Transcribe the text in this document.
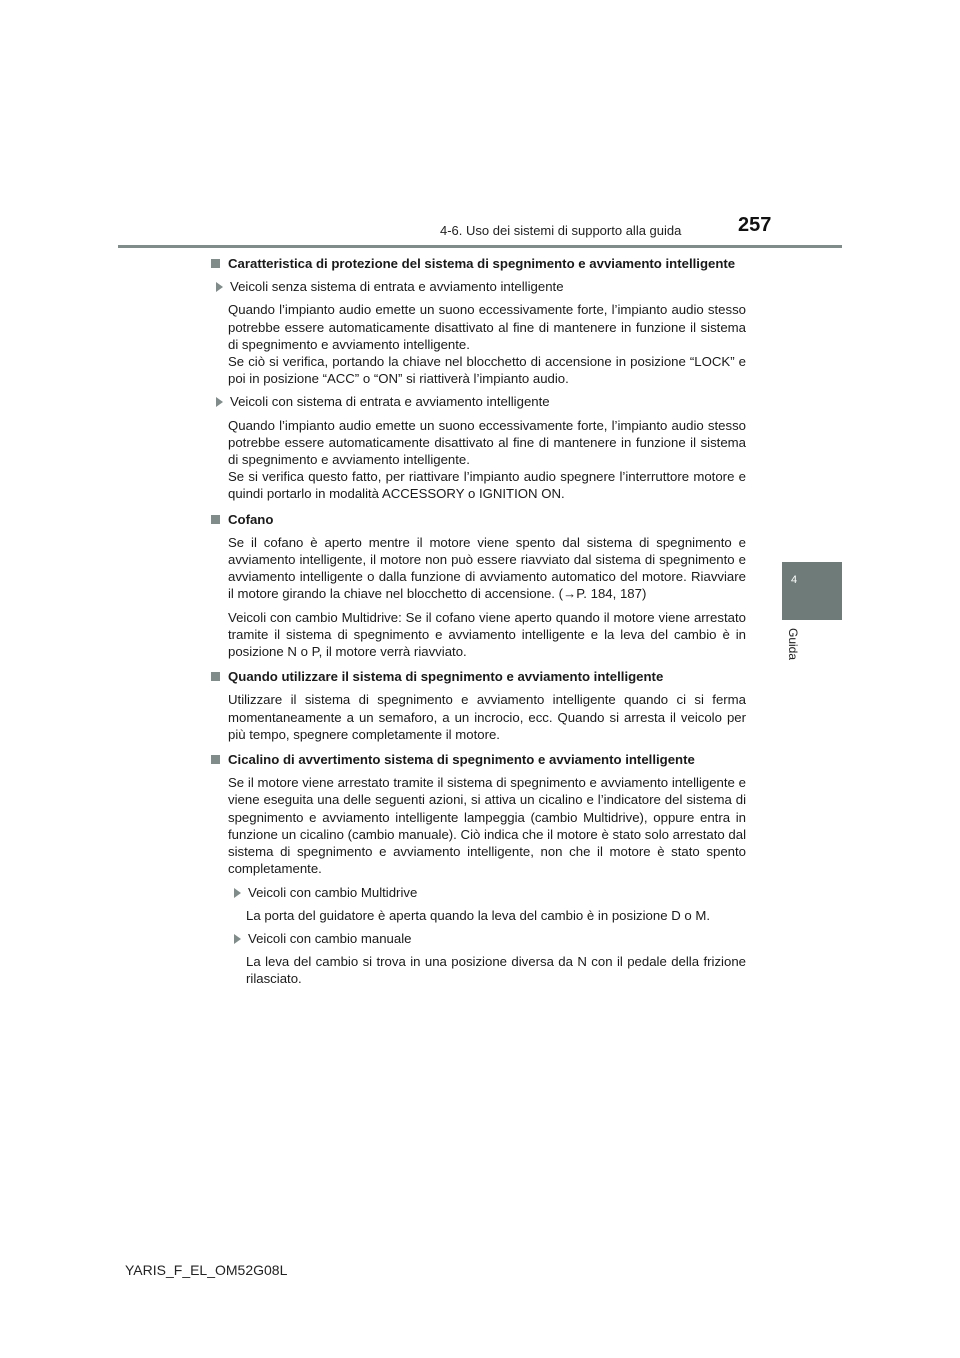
4-6. Uso dei sistemi di supporto alla guida	257
4
Guida
Caratteristica di protezione del sistema di spegnimento e avviamento intelligente
Veicoli senza sistema di entrata e avviamento intelligente
Quando l’impianto audio emette un suono eccessivamente forte, l’impianto audio stesso potrebbe essere automaticamente disattivato al fine di mantenere in funzione il sistema di spegnimento e avviamento intelligente.
Se ciò si verifica, portando la chiave nel blocchetto di accensione in posizione “LOCK” e poi in posizione “ACC” o “ON” si riattiverà l’impianto audio.
Veicoli con sistema di entrata e avviamento intelligente
Quando l’impianto audio emette un suono eccessivamente forte, l’impianto audio stesso potrebbe essere automaticamente disattivato al fine di mantenere in funzione il sistema di spegnimento e avviamento intelligente.
Se si verifica questo fatto, per riattivare l’impianto audio spegnere l’interruttore motore e quindi portarlo in modalità ACCESSORY o IGNITION ON.
Cofano
Se il cofano è aperto mentre il motore viene spento dal sistema di spegnimento e avviamento intelligente, il motore non può essere riavviato dal sistema di spegnimento e avviamento intelligente o dalla funzione di avviamento automatico del motore. Riavviare il motore girando la chiave nel blocchetto di accensione. (→P. 184, 187)
Veicoli con cambio Multidrive: Se il cofano viene aperto quando il motore viene arrestato tramite il sistema di spegnimento e avviamento intelligente e la leva del cambio è in posizione N o P, il motore verrà riavviato.
Quando utilizzare il sistema di spegnimento e avviamento intelligente
Utilizzare il sistema di spegnimento e avviamento intelligente quando ci si ferma momentaneamente a un semaforo, a un incrocio, ecc. Quando si arresta il veicolo per più tempo, spegnere completamente il motore.
Cicalino di avvertimento sistema di spegnimento e avviamento intelligente
Se il motore viene arrestato tramite il sistema di spegnimento e avviamento intelligente e viene eseguita una delle seguenti azioni, si attiva un cicalino e l’indicatore del sistema di spegnimento e avviamento intelligente lampeggia (cambio Multidrive), oppure entra in funzione un cicalino (cambio manuale). Ciò indica che il motore è stato solo arrestato dal sistema di spegnimento e avviamento intelligente, non che il motore è stato spento completamente.
Veicoli con cambio Multidrive
La porta del guidatore è aperta quando la leva del cambio è in posizione D o M.
Veicoli con cambio manuale
La leva del cambio si trova in una posizione diversa da N con il pedale della frizione rilasciato.
YARIS_F_EL_OM52G08L
